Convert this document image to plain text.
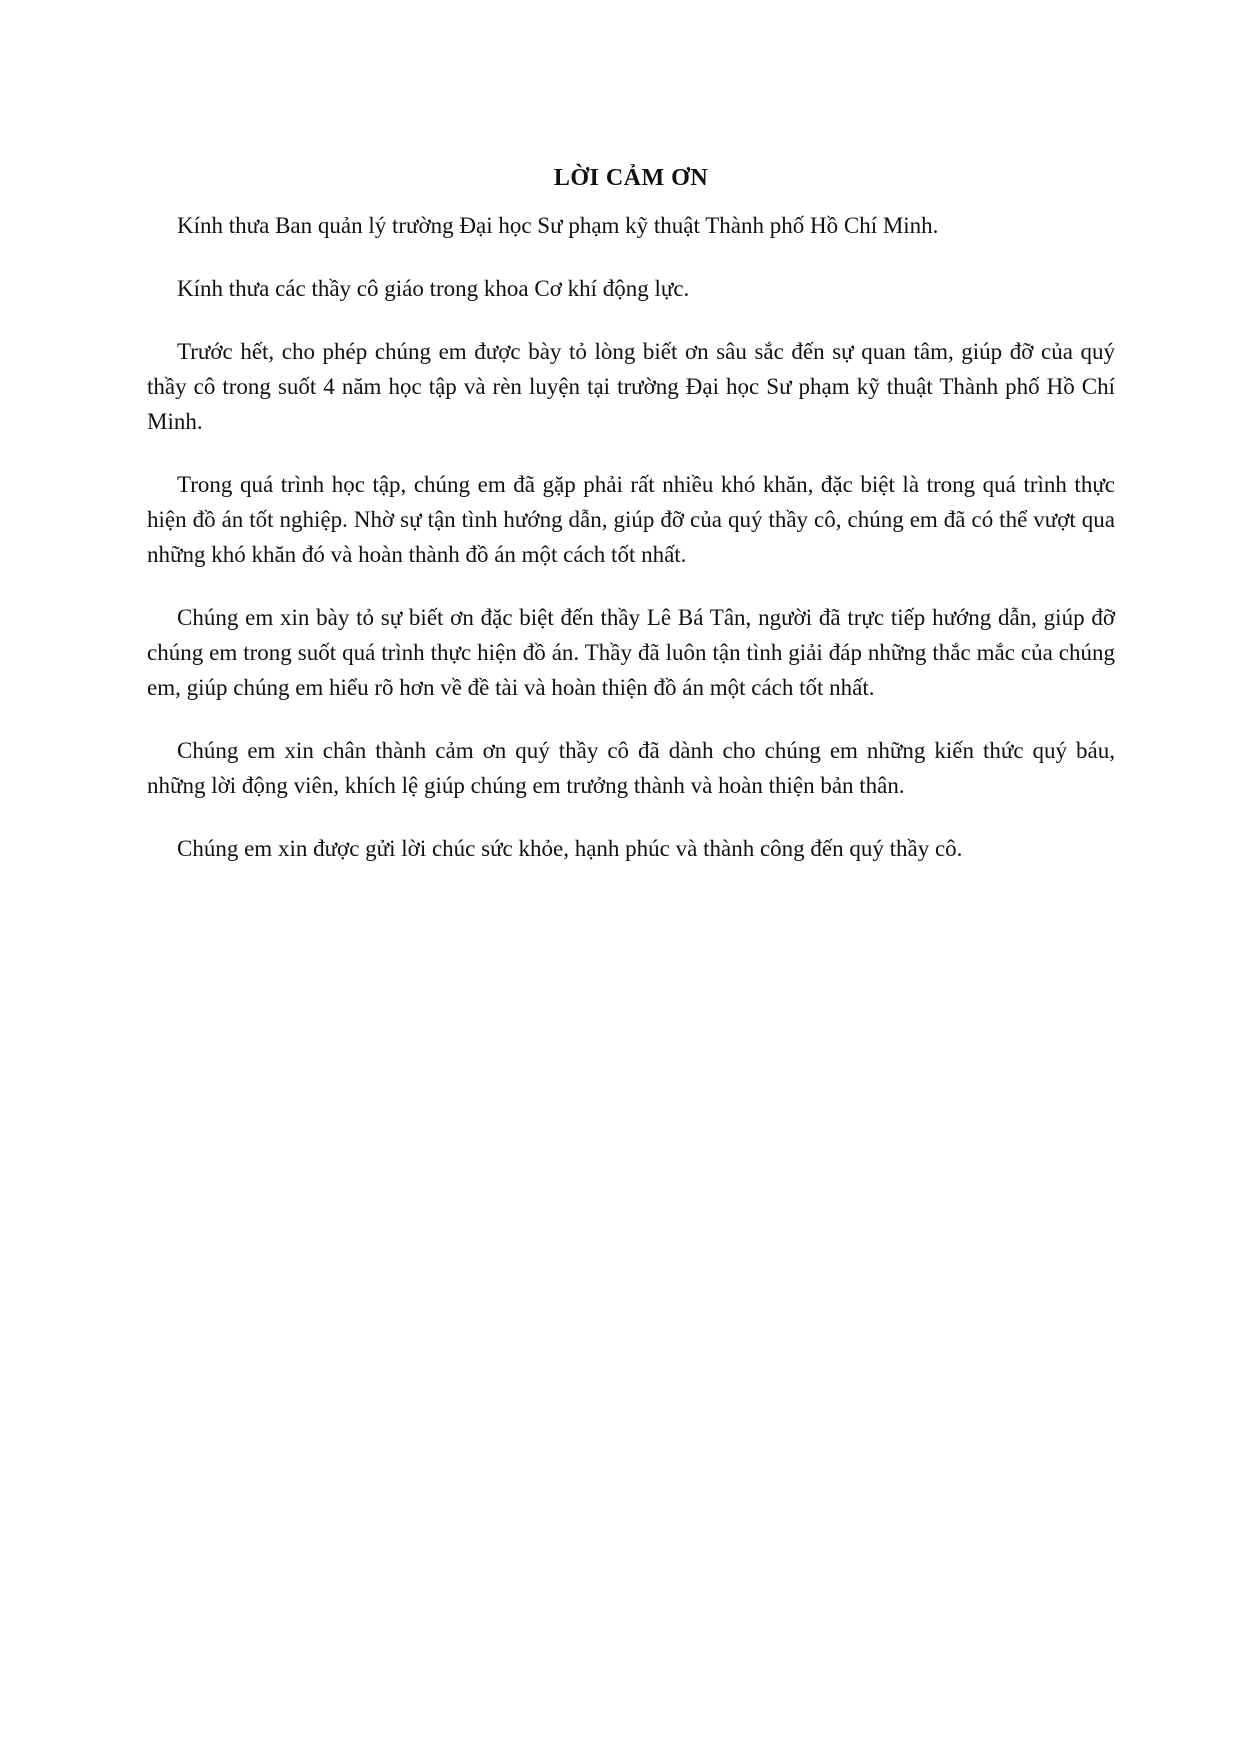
LỜI CẢM ƠN

Kính thưa Ban quản lý trường Đại học Sư phạm kỹ thuật Thành phố Hồ Chí Minh.

Kính thưa các thầy cô giáo trong khoa Cơ khí động lực.

Trước hết, cho phép chúng em được bày tỏ lòng biết ơn sâu sắc đến sự quan tâm, giúp đỡ của quý thầy cô trong suốt 4 năm học tập và rèn luyện tại trường Đại học Sư phạm kỹ thuật Thành phố Hồ Chí Minh.

Trong quá trình học tập, chúng em đã gặp phải rất nhiều khó khăn, đặc biệt là trong quá trình thực hiện đồ án tốt nghiệp. Nhờ sự tận tình hướng dẫn, giúp đỡ của quý thầy cô, chúng em đã có thể vượt qua những khó khăn đó và hoàn thành đồ án một cách tốt nhất.

Chúng em xin bày tỏ sự biết ơn đặc biệt đến thầy Lê Bá Tân, người đã trực tiếp hướng dẫn, giúp đỡ chúng em trong suốt quá trình thực hiện đồ án. Thầy đã luôn tận tình giải đáp những thắc mắc của chúng em, giúp chúng em hiểu rõ hơn về đề tài và hoàn thiện đồ án một cách tốt nhất.

Chúng em xin chân thành cảm ơn quý thầy cô đã dành cho chúng em những kiến thức quý báu, những lời động viên, khích lệ giúp chúng em trưởng thành và hoàn thiện bản thân.

Chúng em xin được gửi lời chúc sức khỏe, hạnh phúc và thành công đến quý thầy cô.
